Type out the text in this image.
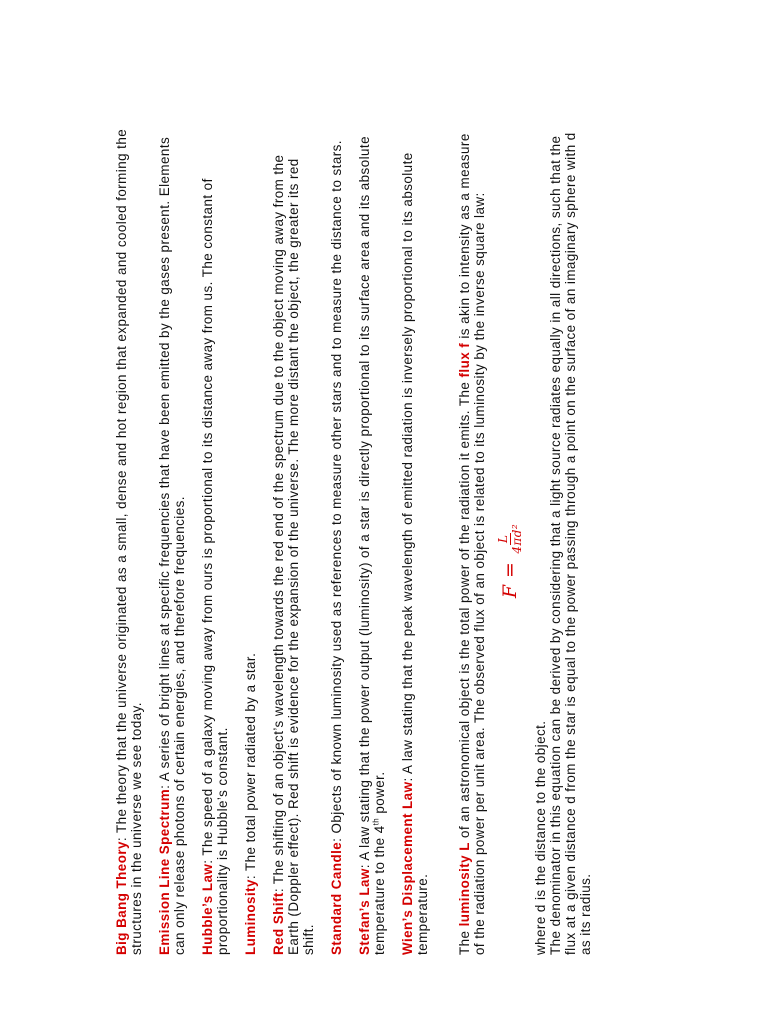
Big Bang Theory: The theory that the universe originated as a small, dense and hot region that expanded and cooled forming the structures in the universe we see today. Emission Line Spectrum: A series of bright lines at specific frequencies that have been emitted by the gases present. Elements can only release photons of certain energies, and therefore frequencies. Hubble’s Law: The speed of a galaxy moving away from ours is proportional to its distance away from us. The constant of proportionality is Hubble’s constant. Luminosity: The total power radiated by a star.

Red Shift: The shifting of an object’s wavelength towards the red end of the spectrum due to the object moving away from the Earth (Doppler effect). Red shift is evidence for the expansion of the universe. The more distant the object, the greater its red shift. Standard Candle: Objects of known luminosity used as references to measure other stars and to measure the distance to stars.

Stefan’s Law: A law stating that the power output (luminosity) of a star is directly proportional to its surface area and its absolute temperature to the 4th power. Wien’s Displacement Law: A law stating that the peak wavelength of emitted radiation is inversely proportional to its absolute temperature. The luminosity L of an astronomical object is the total power of the radiation it emits. The flux f is akin to intensity as a measure of the radiation power per unit area. The observed flux of an object is related to its luminosity by the inverse square law: F =
L 4πd²

where d is the distance to the object. The denominator in this equation can be derived by considering that a light source radiates equally in all directions, such that the flux at a given distance d from the star is equal to the power passing through a point on the surface of an imaginary sphere with d as its radius.
